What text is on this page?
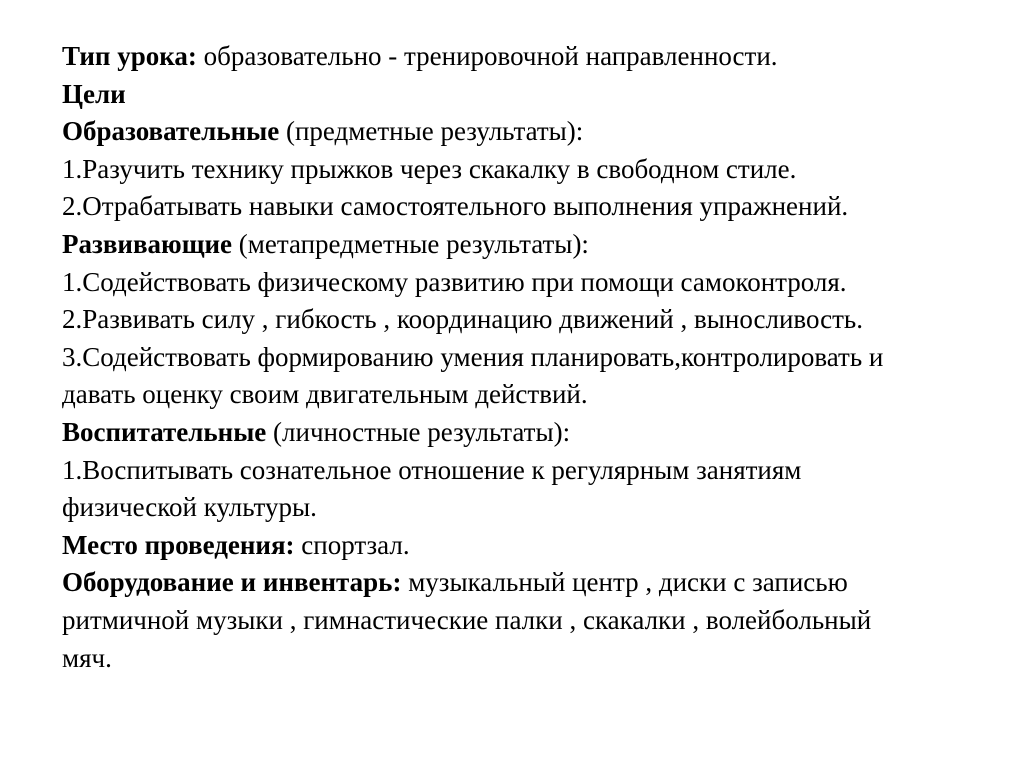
Тип урока: образовательно - тренировочной направленности.
Цели
Образовательные (предметные результаты):
1.Разучить технику прыжков через скакалку в свободном стиле.
2.Отрабатывать навыки самостоятельного выполнения упражнений.
Развивающие (метапредметные результаты):
1.Содействовать физическому развитию при помощи самоконтроля.
2.Развивать силу , гибкость , координацию движений , выносливость.
3.Содействовать формированию умения планировать,контролировать и
давать оценку своим двигательным действий.
Воспитательные (личностные результаты):
1.Воспитывать сознательное отношение к регулярным занятиям
физической культуры.
Место проведения: спортзал.
Оборудование и инвентарь: музыкальный центр , диски с записью
ритмичной музыки , гимнастические палки , скакалки , волейбольный
мяч.
